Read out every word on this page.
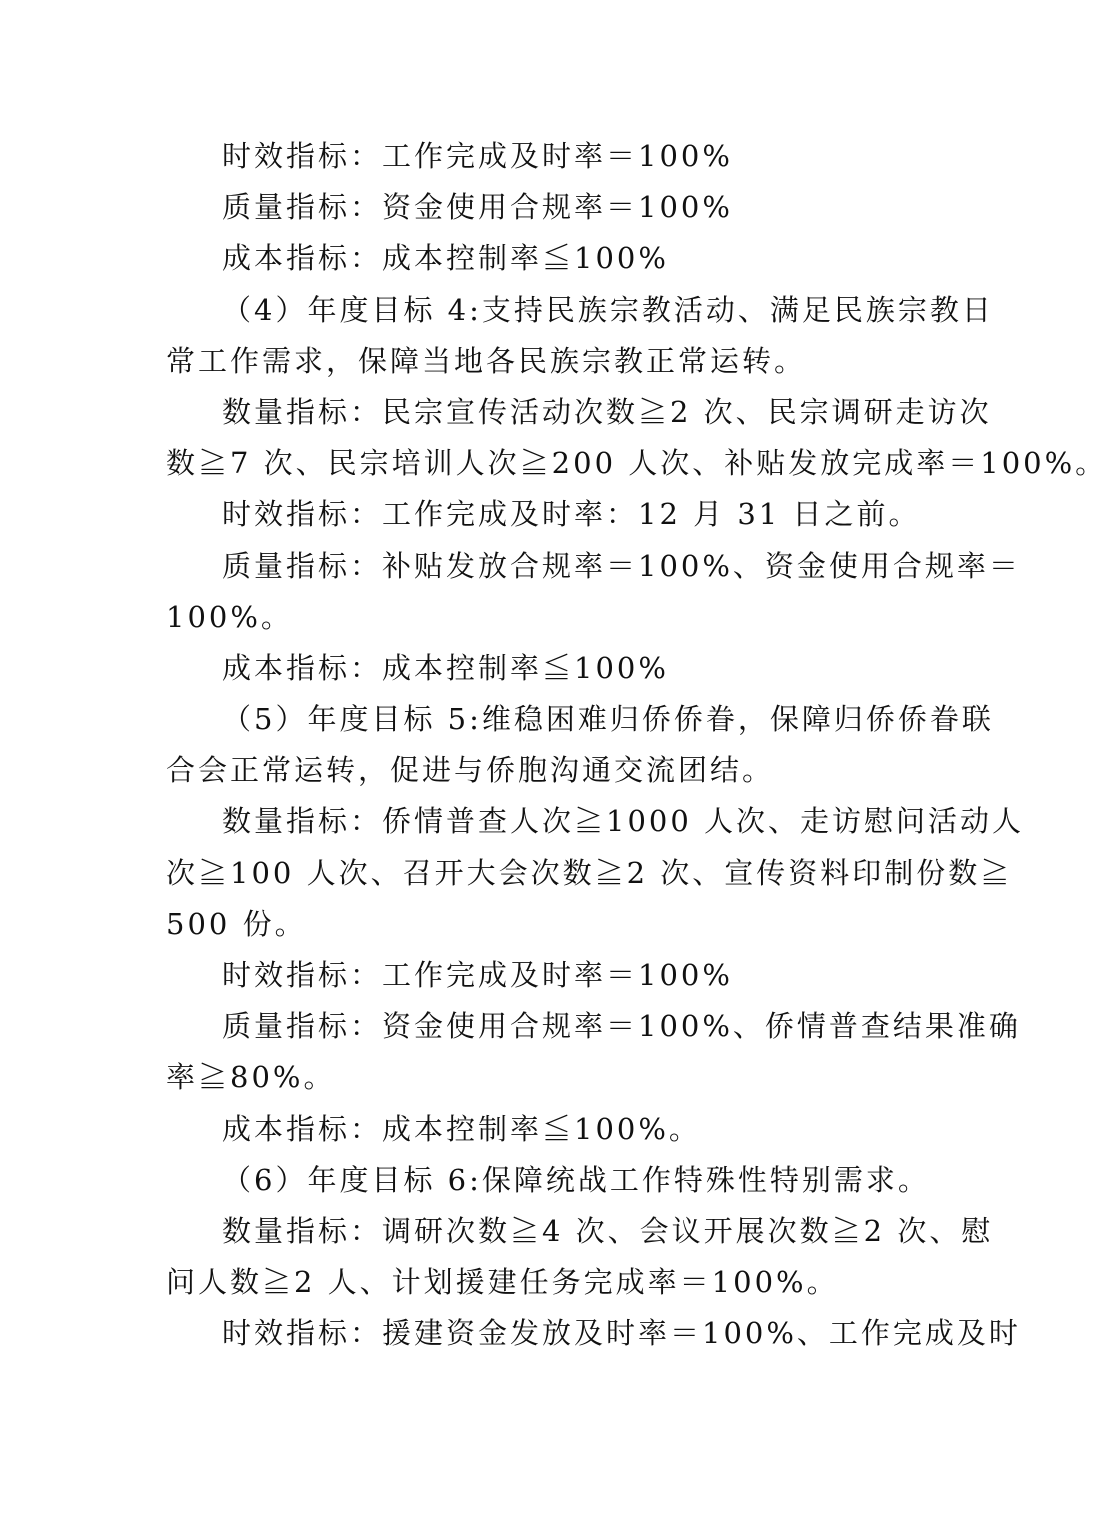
时效指标：工作完成及时率＝100%
质量指标：资金使用合规率＝100%
成本指标：成本控制率≦100%
（4）年度目标 4:支持民族宗教活动、满足民族宗教日
常工作需求，保障当地各民族宗教正常运转。
数量指标：民宗宣传活动次数≧2 次、民宗调研走访次
数≧7 次、民宗培训人次≧200 人次、补贴发放完成率＝100%。
时效指标：工作完成及时率：12 月 31 日之前。
质量指标：补贴发放合规率＝100%、资金使用合规率＝
100%。
成本指标：成本控制率≦100%
（5）年度目标 5:维稳困难归侨侨眷，保障归侨侨眷联
合会正常运转，促进与侨胞沟通交流团结。
数量指标：侨情普查人次≧1000 人次、走访慰问活动人
次≧100 人次、召开大会次数≧2 次、宣传资料印制份数≧
500 份。
时效指标：工作完成及时率＝100%
质量指标：资金使用合规率＝100%、侨情普查结果准确
率≧80%。
成本指标：成本控制率≦100%。
（6）年度目标 6:保障统战工作特殊性特别需求。
数量指标：调研次数≧4 次、会议开展次数≧2 次、慰
问人数≧2 人、计划援建任务完成率＝100%。
时效指标：援建资金发放及时率＝100%、工作完成及时
